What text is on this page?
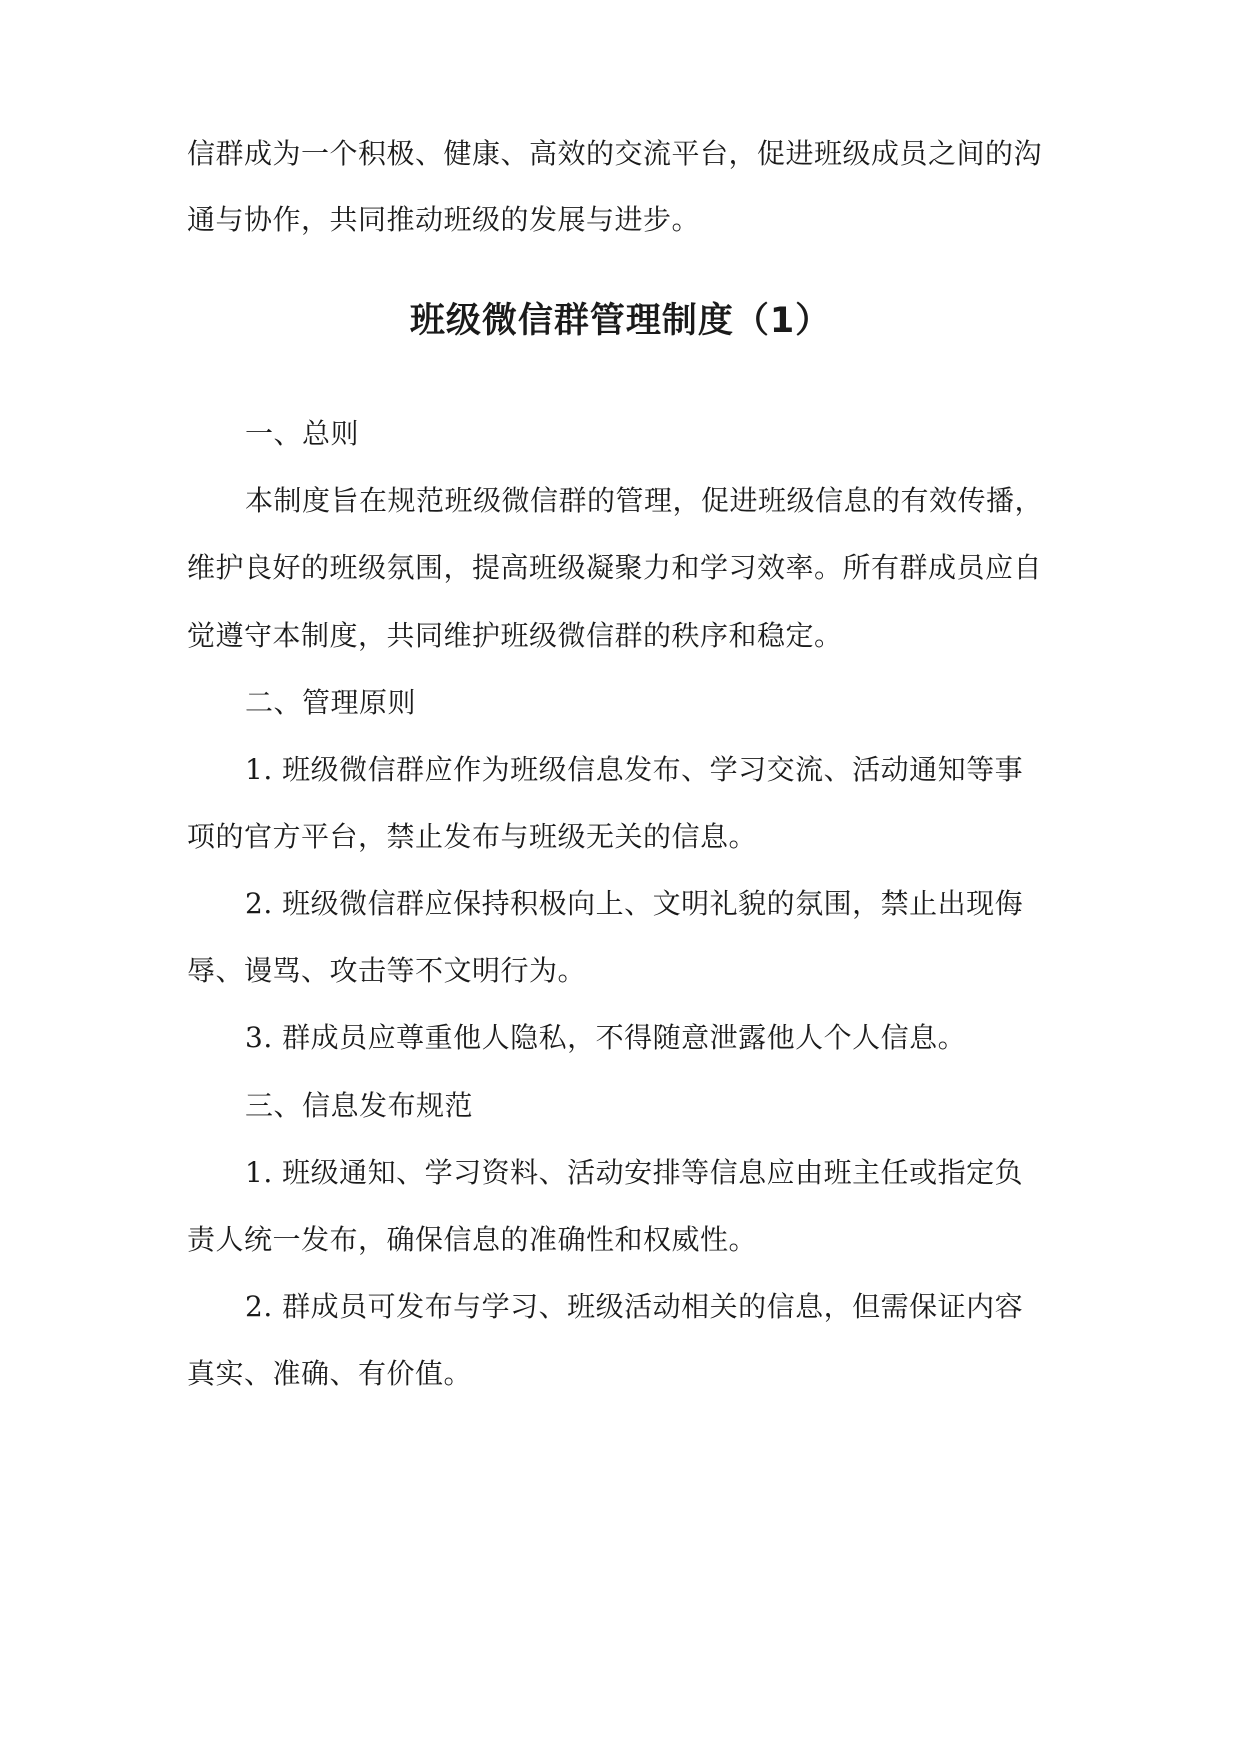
信群成为一个积极、健康、高效的交流平台，促进班级成员之间的沟
通与协作，共同推动班级的发展与进步。
班级微信群管理制度（1）
一、总则
本制度旨在规范班级微信群的管理，促进班级信息的有效传播，
维护良好的班级氛围，提高班级凝聚力和学习效率。所有群成员应自
觉遵守本制度，共同维护班级微信群的秩序和稳定。
二、管理原则
1. 班级微信群应作为班级信息发布、学习交流、活动通知等事
项的官方平台，禁止发布与班级无关的信息。
2. 班级微信群应保持积极向上、文明礼貌的氛围，禁止出现侮
辱、谩骂、攻击等不文明行为。
3. 群成员应尊重他人隐私，不得随意泄露他人个人信息。
三、信息发布规范
1. 班级通知、学习资料、活动安排等信息应由班主任或指定负
责人统一发布，确保信息的准确性和权威性。
2. 群成员可发布与学习、班级活动相关的信息，但需保证内容
真实、准确、有价值。
